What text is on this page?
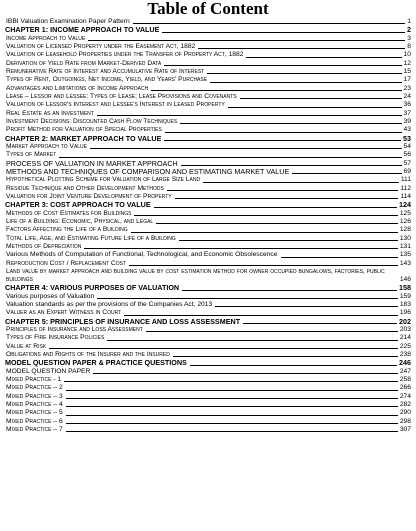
Table of Content
IBBI Valuation Examination Paper Pattern	1
CHAPTER 1: INCOME APPROACH TO VALUE	2
Income Approach to Value	3
Valuation of Licensed Property under the Easement Act, 1882	8
Valuation of Leasehold Properties under the Transfer of Property Act, 1882	10
Derivation of Yield Rate from Market-Derived Data	12
Remunerative Rate of Interest and Accumulative Rate of Interest	15
Types of Rent, Outgoings, Net Income, Yield, and Years' Purchase	17
Advantages and Limitations of Income Approach	23
Lease – Lessor and Lessee: Types of Lease; Lease Provisions and Covenants	24
Valuation of Lessor's Interest and Lessee's Interest in Leased Property	36
Real Estate as an Investment	37
Investment Decisions: Discounted Cash Flow Techniques	39
Profit Method for Valuation of Special Properties	43
CHAPTER 2: MARKET APPROACH TO VALUE	53
Market Approach to Value	54
Types of Market	56
PROCESS OF VALUATION IN MARKET APPROACH	57
METHODS AND TECHNIQUES OF COMPARISON AND ESTIMATING MARKET VALUE	69
Hypothetical Plotting Scheme for Valuation of Large Size Land	111
Residue Technique and Other Development Methods	112
Valuation for Joint Venture Development of Property	114
CHAPTER 3: COST APPROACH TO VALUE	124
Methods of Cost Estimates for Buildings	125
Life of a Building: Economic, Physical, and Legal	126
Factors Affecting the Life of a Building	128
Total Life, Age, and Estimating Future Life of a Building	130
Methods of Depreciation	131
Various Methods of Computation of Functional, Technological, and Economic Obsolescence	135
Reproduction Cost / Replacement Cost	143
Land value by market approach and building value by cost estimation method for owner occupied bungalows, factories, public buildings	146
CHAPTER 4: VARIOUS PURPOSES OF VALUATION	158
Various purposes of Valuation	159
Valuation standards as per the provisions of the Companies Act, 2013	183
Valuer as an Expert Witness in Court	196
CHAPTER 5: PRINCIPLES OF INSURANCE AND LOSS ASSESSMENT	202
Principles of Insurance and Loss Assessment	203
Types of Fire Insurance Policies	214
Value at Risk	225
Obligations and Rights of the Insurer and the Insured	238
MODEL QUESTION PAPER & PRACTICE QUESTIONS	246
MODEL QUESTION PAPER	247
Mixed Practice - 1	258
Mixed Practice – 2	266
Mixed Practice – 3	274
Mixed Practice – 4	282
Mixed Practice – 5	290
Mixed Practice – 6	298
Mixed Practice – 7	307
